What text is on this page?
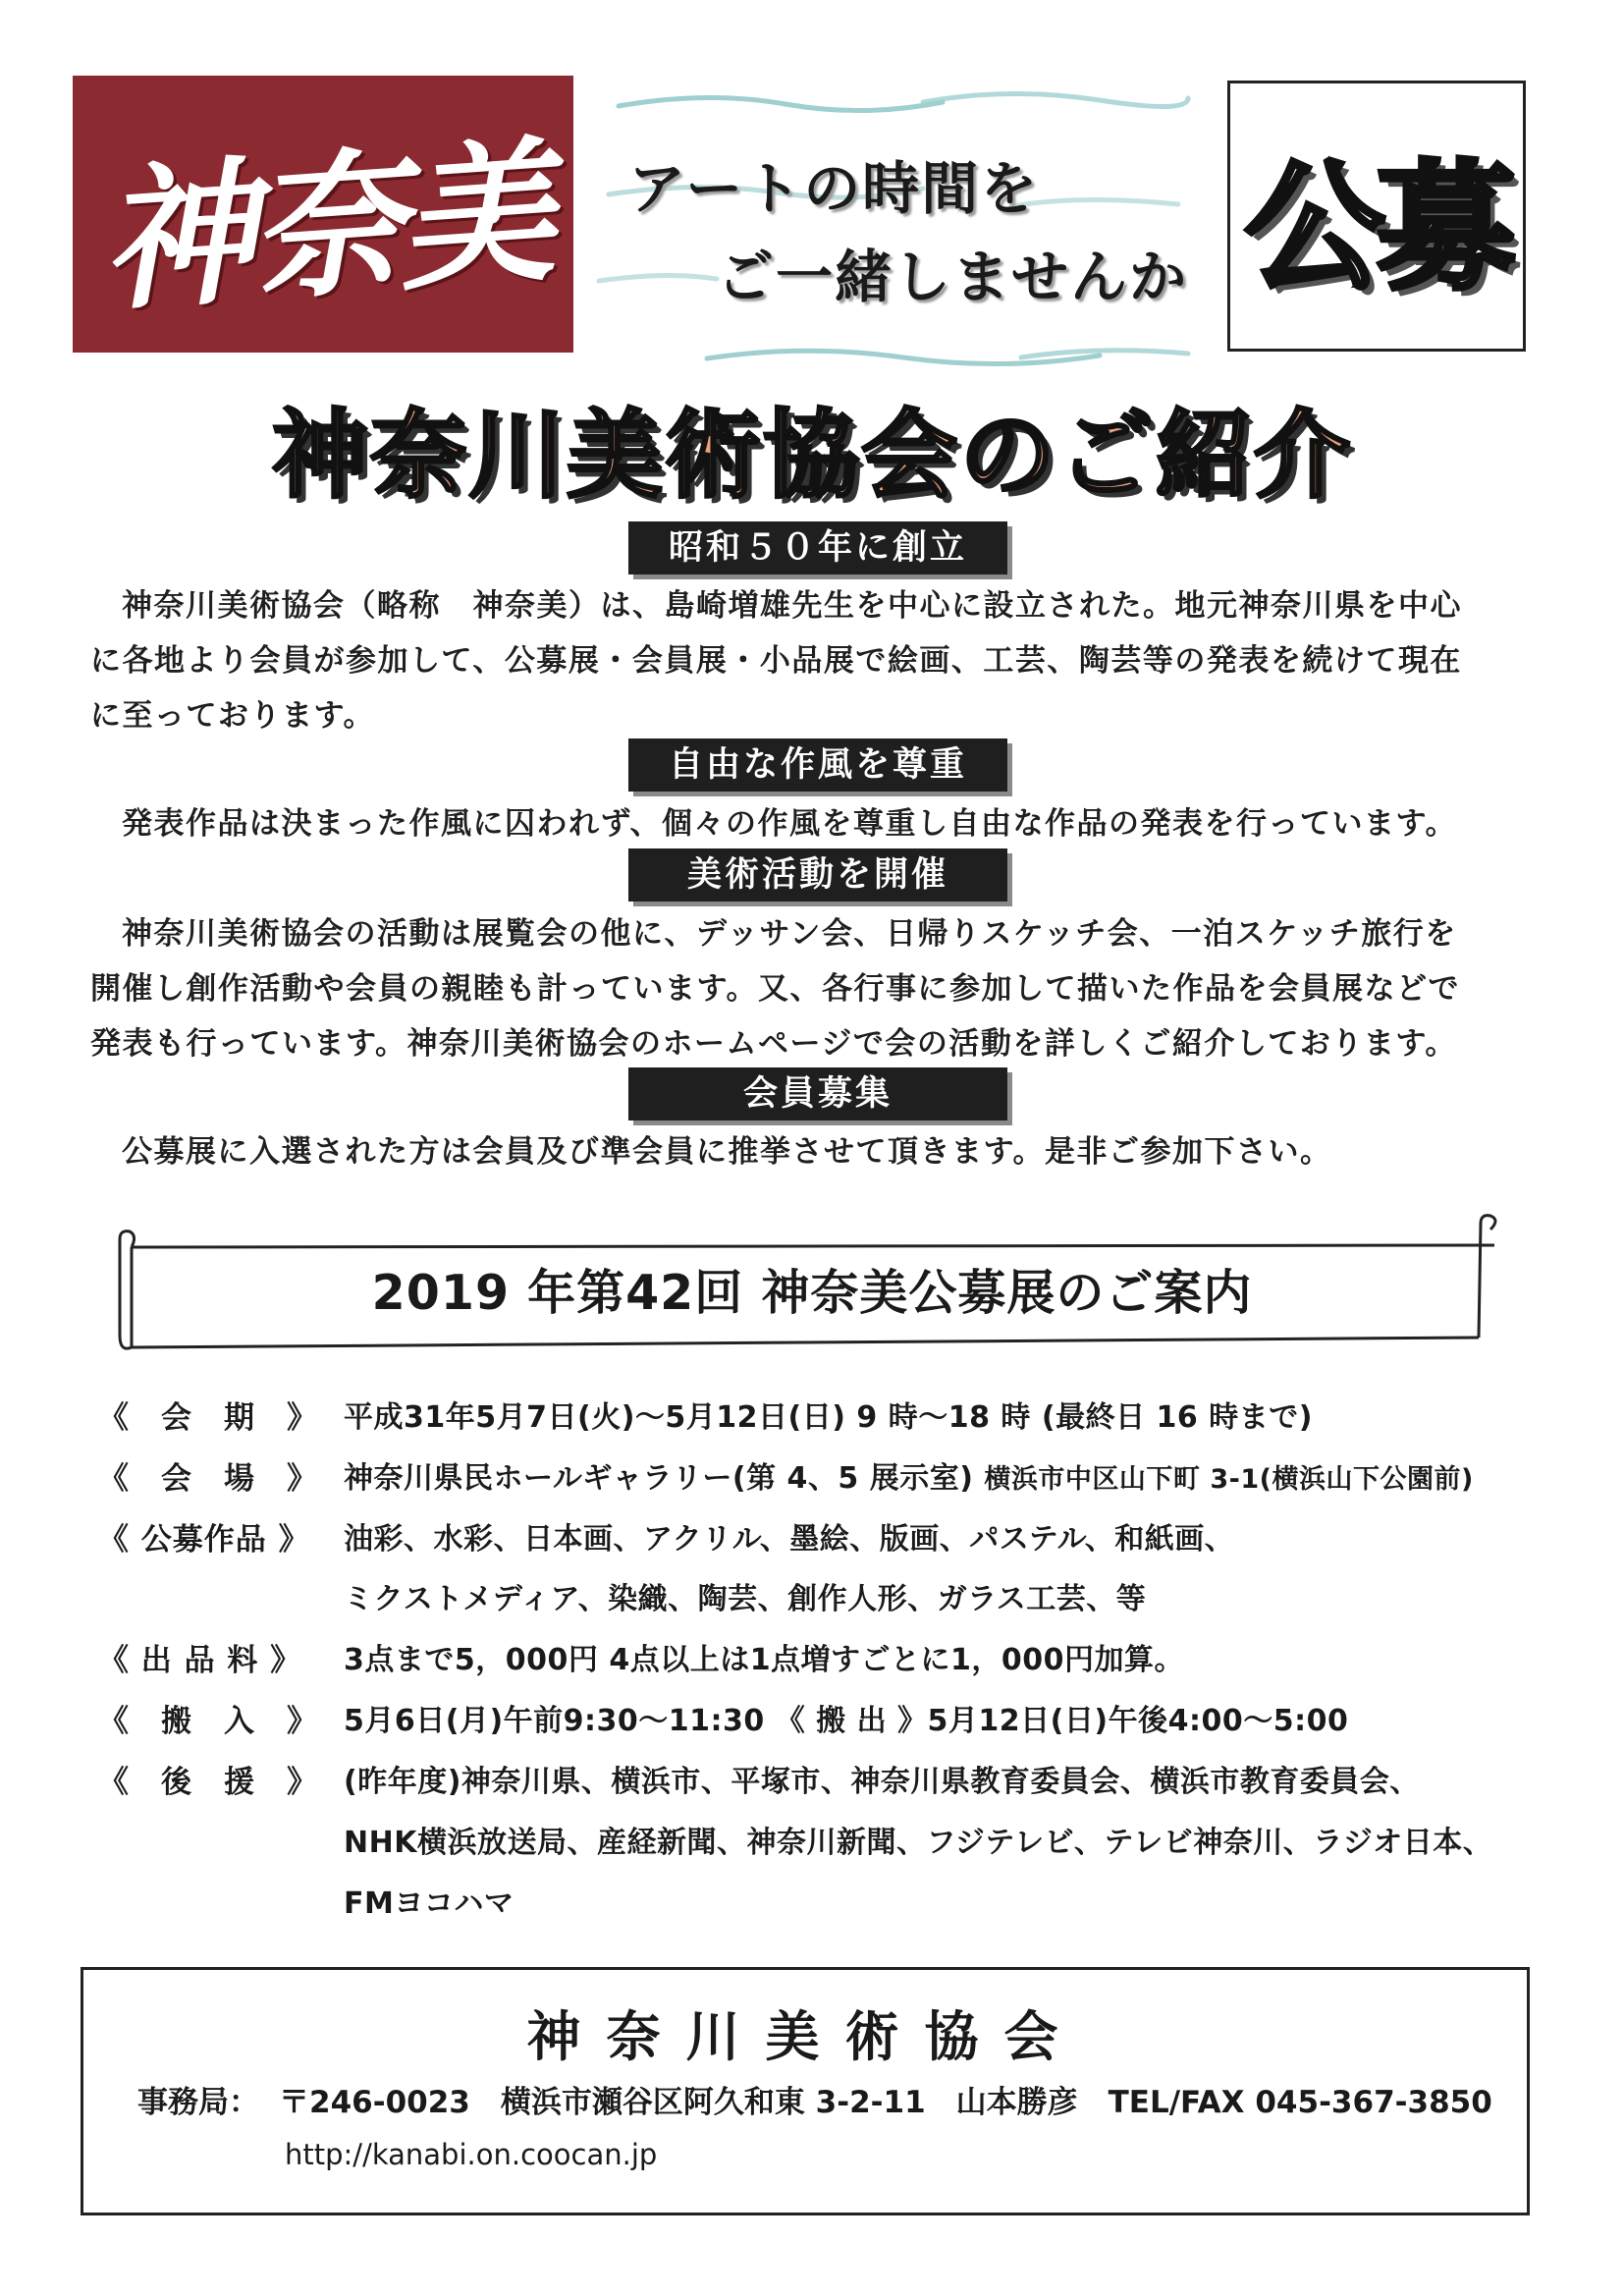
神奈美 アートの時間を
ご一緒しませんか 公募
神奈川美術協会のご紹介
昭和５０年に創立
神奈川美術協会（略称　神奈美）は、島崎増雄先生を中心に設立された。地元神奈川県を中心
に各地より会員が参加して、公募展・会員展・小品展で絵画、工芸、陶芸等の発表を続けて現在
に至っております。
自由な作風を尊重
発表作品は決まった作風に囚われず、個々の作風を尊重し自由な作品の発表を行っています。
美術活動を開催
神奈川美術協会の活動は展覧会の他に、デッサン会、日帰りスケッチ会、一泊スケッチ旅行を
開催し創作活動や会員の親睦も計っています。又、各行事に参加して描いた作品を会員展などで
発表も行っています。神奈川美術協会のホームページで会の活動を詳しくご紹介しております。
会員募集
公募展に入選された方は会員及び準会員に推挙させて頂きます。是非ご参加下さい。
2019 年第42回 神奈美公募展のご案内
《　会　期　》 平成31年5月7日(火)～5月12日(日) 9 時～18 時 (最終日 16 時まで)
《　会　場　》 神奈川県民ホールギャラリー(第 4、5 展示室) 横浜市中区山下町 3-1(横浜山下公園前)
《 公募作品 》	油彩、水彩、日本画、アクリル、墨絵、版画、パステル、和紙画、
ミクストメディア、染織、陶芸、創作人形、ガラス工芸、等
《 出 品 料 》	3点まで5，000円 4点以上は1点増すごとに1，000円加算。
《　搬　入　》 5月6日(月)午前9:30～11:30 《 搬 出 》5月12日(日)午後4:00～5:00
《　後　援　》 (昨年度)神奈川県、横浜市、平塚市、神奈川県教育委員会、横浜市教育委員会、
NHK横浜放送局、産経新聞、神奈川新聞、フジテレビ、テレビ神奈川、ラジオ日本、
FMヨコハマ
神奈川美術協会
事務局： 〒246-0023　横浜市瀬谷区阿久和東 3-2-11　山本勝彦　TEL/FAX 045-367-3850
http://kanabi.on.coocan.jp
